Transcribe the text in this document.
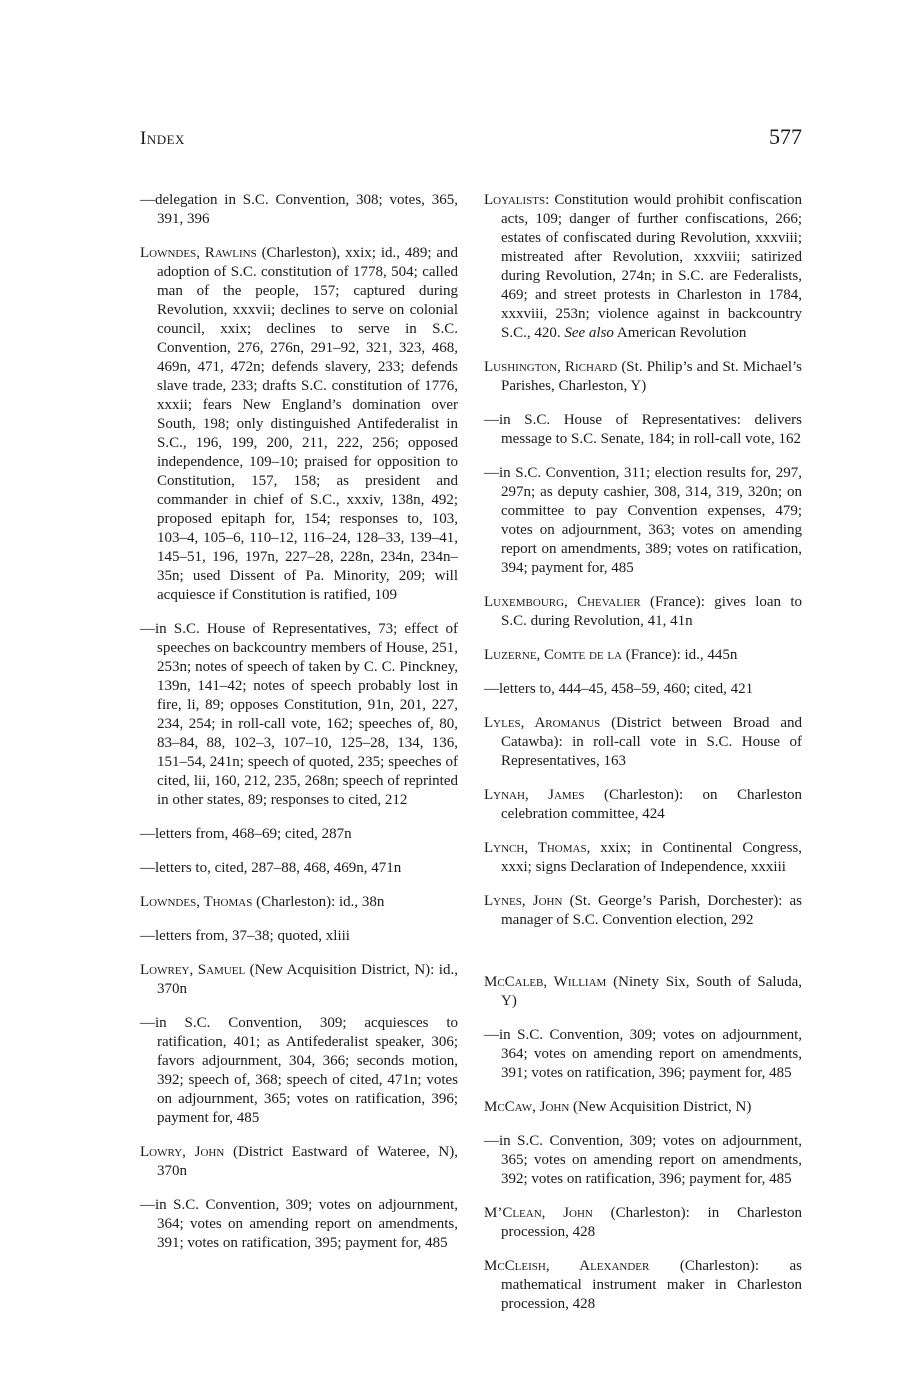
Index	577

—delegation in S.C. Convention, 308; votes, 365, 391, 396

Lowndes, Rawlins (Charleston), xxix; id., 489; and adoption of S.C. constitution of 1778, 504; called man of the people, 157; captured during Revolution, xxxvii; declines to serve on colonial council, xxix; declines to serve in S.C. Convention, 276, 276n, 291–92, 321, 323, 468, 469n, 471, 472n; defends slavery, 233; defends slave trade, 233; drafts S.C. constitution of 1776, xxxii; fears New England’s domination over South, 198; only distinguished Antifederalist in S.C., 196, 199, 200, 211, 222, 256; opposed independence, 109–10; praised for opposition to Constitution, 157, 158; as president and commander in chief of S.C., xxxiv, 138n, 492; proposed epitaph for, 154; responses to, 103, 103–4, 105–6, 110–12, 116–24, 128–33, 139–41, 145–51, 196, 197n, 227–28, 228n, 234n, 234n–35n; used Dissent of Pa. Minority, 209; will acquiesce if Constitution is ratified, 109

—in S.C. House of Representatives, 73; effect of speeches on backcountry members of House, 251, 253n; notes of speech of taken by C. C. Pinckney, 139n, 141–42; notes of speech probably lost in fire, li, 89; opposes Constitution, 91n, 201, 227, 234, 254; in roll-call vote, 162; speeches of, 80, 83–84, 88, 102–3, 107–10, 125–28, 134, 136, 151–54, 241n; speech of quoted, 235; speeches of cited, lii, 160, 212, 235, 268n; speech of reprinted in other states, 89; responses to cited, 212

—letters from, 468–69; cited, 287n

—letters to, cited, 287–88, 468, 469n, 471n

Lowndes, Thomas (Charleston): id., 38n

—letters from, 37–38; quoted, xliii

Lowrey, Samuel (New Acquisition District, N): id., 370n

—in S.C. Convention, 309; acquiesces to ratification, 401; as Antifederalist speaker, 306; favors adjournment, 304, 366; seconds motion, 392; speech of, 368; speech of cited, 471n; votes on adjournment, 365; votes on ratification, 396; payment for, 485

Lowry, John (District Eastward of Wateree, N), 370n

—in S.C. Convention, 309; votes on adjournment, 364; votes on amending report on amendments, 391; votes on ratification, 395; payment for, 485

Loyalists: Constitution would prohibit confiscation acts, 109; danger of further confiscations, 266; estates of confiscated during Revolution, xxxviii; mistreated after Revolution, xxxviii; satirized during Revolution, 274n; in S.C. are Federalists, 469; and street protests in Charleston in 1784, xxxviii, 253n; violence against in backcountry S.C., 420. See also American Revolution

Lushington, Richard (St. Philip’s and St. Michael’s Parishes, Charleston, Y)

—in S.C. House of Representatives: delivers message to S.C. Senate, 184; in roll-call vote, 162

—in S.C. Convention, 311; election results for, 297, 297n; as deputy cashier, 308, 314, 319, 320n; on committee to pay Convention expenses, 479; votes on adjournment, 363; votes on amending report on amendments, 389; votes on ratification, 394; payment for, 485

Luxembourg, Chevalier (France): gives loan to S.C. during Revolution, 41, 41n

Luzerne, Comte de la (France): id., 445n

—letters to, 444–45, 458–59, 460; cited, 421

Lyles, Aromanus (District between Broad and Catawba): in roll-call vote in S.C. House of Representatives, 163

Lynah, James (Charleston): on Charleston celebration committee, 424

Lynch, Thomas, xxix; in Continental Congress, xxxi; signs Declaration of Independence, xxxiii

Lynes, John (St. George’s Parish, Dorchester): as manager of S.C. Convention election, 292

McCaleb, William (Ninety Six, South of Saluda, Y)

—in S.C. Convention, 309; votes on adjournment, 364; votes on amending report on amendments, 391; votes on ratification, 396; payment for, 485

McCaw, John (New Acquisition District, N)

—in S.C. Convention, 309; votes on adjournment, 365; votes on amending report on amendments, 392; votes on ratification, 396; payment for, 485

M’Clean, John (Charleston): in Charleston procession, 428

McCleish, Alexander (Charleston): as mathematical instrument maker in Charleston procession, 428
